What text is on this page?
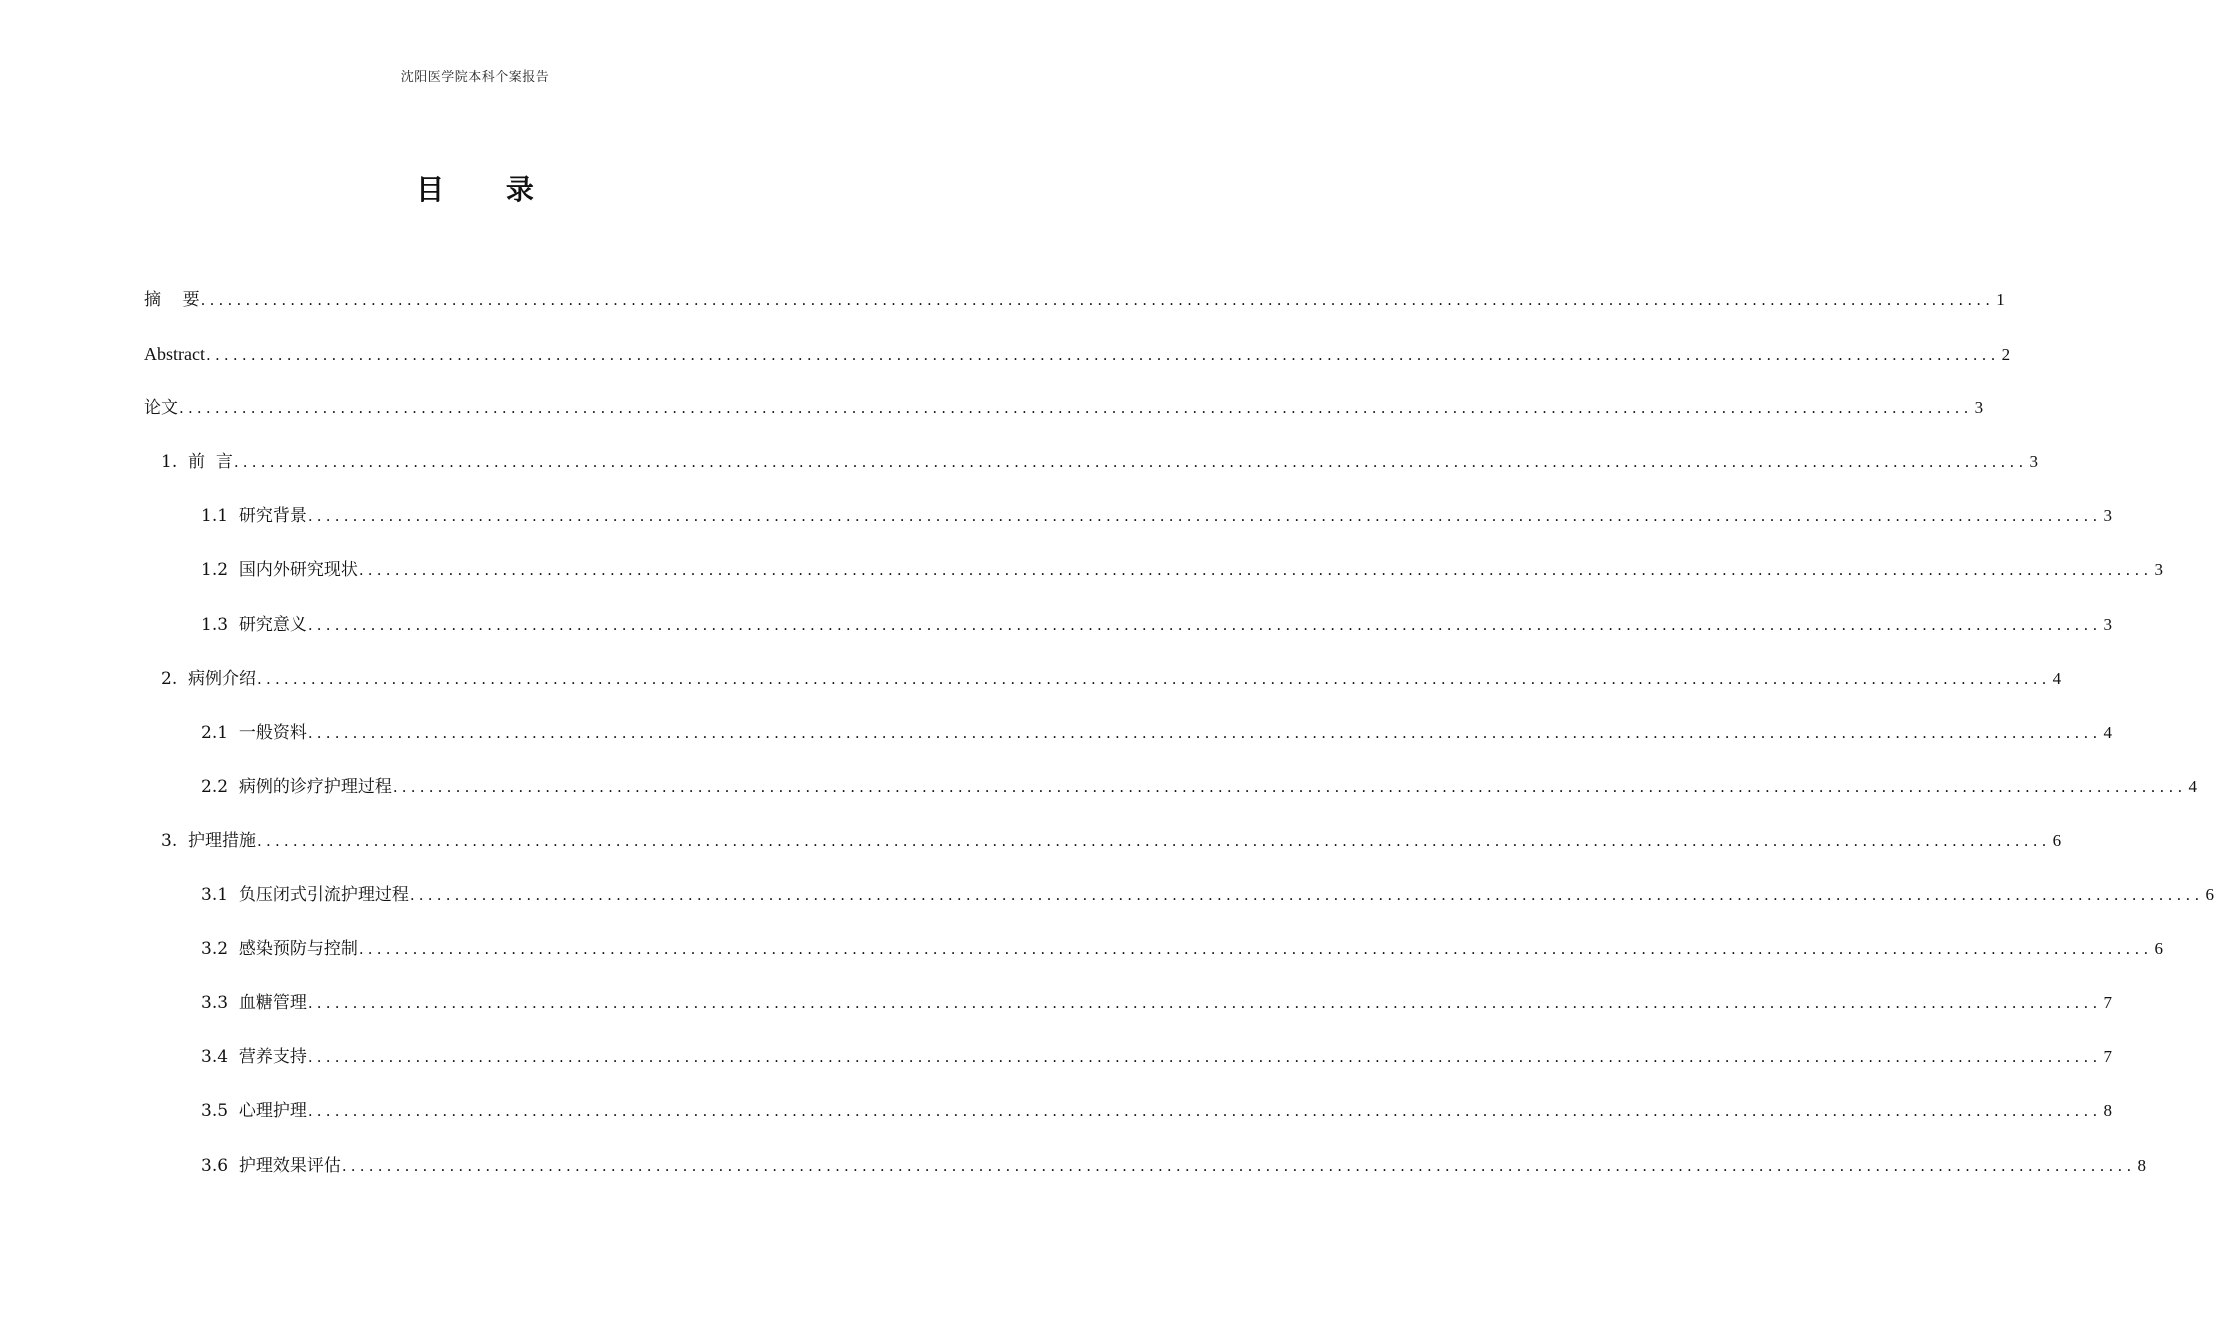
沈阳医学院本科个案报告
目 录
摘    要 ........................................................................................................................................................................................................ 1
Abstract ........................................................................................................................................................................................................ 2
论文 ........................................................................................................................................................................................................ 3
1.  前  言 ........................................................................................................................................................................................................ 3
1.1  研究背景 ........................................................................................................................................................................................................ 3
1.2  国内外研究现状 ........................................................................................................................................................................................................ 3
1.3  研究意义 ........................................................................................................................................................................................................ 3
2.  病例介绍 ........................................................................................................................................................................................................ 4
2.1  一般资料 ........................................................................................................................................................................................................ 4
2.2  病例的诊疗护理过程 ........................................................................................................................................................................................................ 4
3.  护理措施 ........................................................................................................................................................................................................ 6
3.1  负压闭式引流护理过程 ........................................................................................................................................................................................................ 6
3.2  感染预防与控制 ........................................................................................................................................................................................................ 6
3.3  血糖管理 ........................................................................................................................................................................................................ 7
3.4  营养支持 ........................................................................................................................................................................................................ 7
3.5  心理护理 ........................................................................................................................................................................................................ 8
3.6  护理效果评估 ........................................................................................................................................................................................................ 8
